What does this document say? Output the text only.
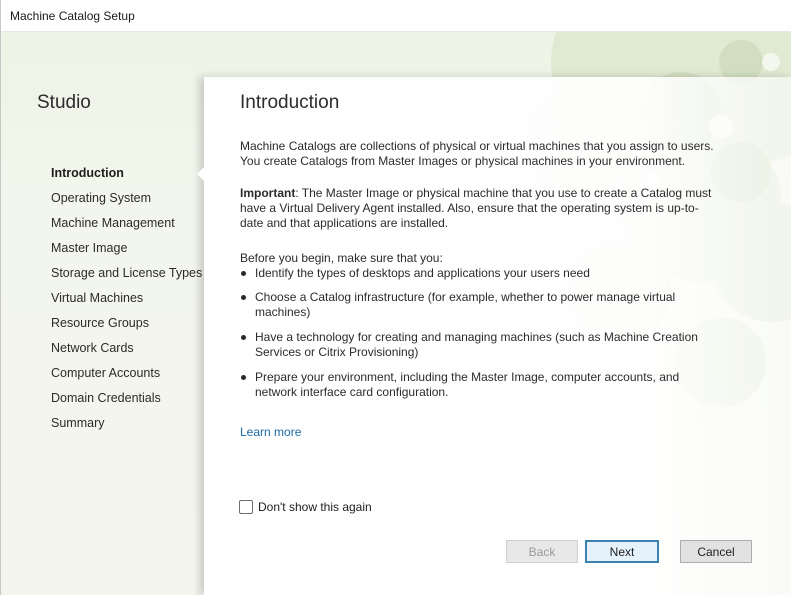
Machine Catalog Setup
Studio
Introduction
Operating System
Machine Management
Master Image
Storage and License Types
Virtual Machines
Resource Groups
Network Cards
Computer Accounts
Domain Credentials
Summary
Introduction

Machine Catalogs are collections of physical or virtual machines that you assign to users. You create Catalogs from Master Images or physical machines in your environment.

Important: The Master Image or physical machine that you use to create a Catalog must have a Virtual Delivery Agent installed. Also, ensure that the operating system is up-to-date and that applications are installed.

Before you begin, make sure that you:

Identify the types of desktops and applications your users need
Choose a Catalog infrastructure (for example, whether to power manage virtual machines)
Have a technology for creating and managing machines (such as Machine Creation Services or Citrix Provisioning)
Prepare your environment, including the Master Image, computer accounts, and network interface card configuration.
Learn more
Don't show this again
Back	Next	Cancel
